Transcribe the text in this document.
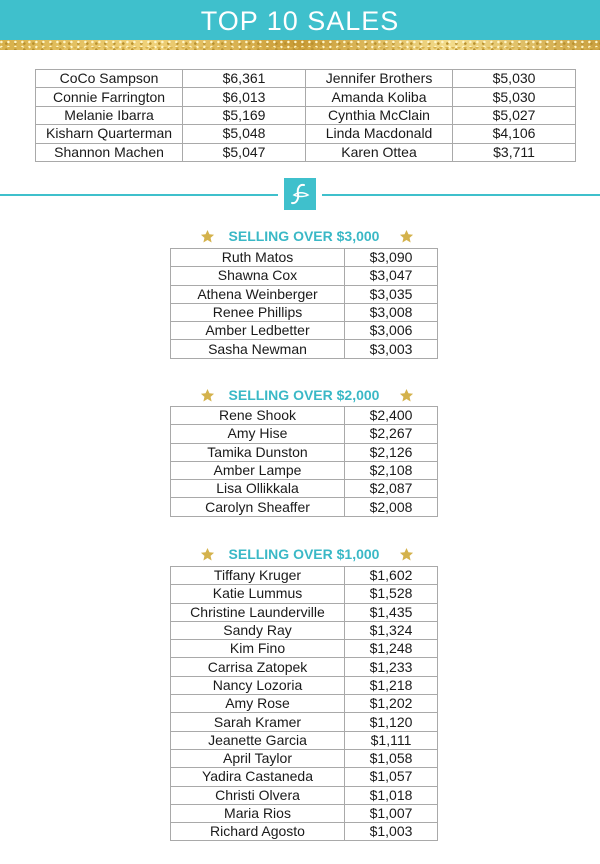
TOP 10 SALES
CoCo Sampson	$6,361	Jennifer Brothers	$5,030
Connie Farrington	$6,013	Amanda Koliba	$5,030
Melanie Ibarra	$5,169	Cynthia McClain	$5,027
Kisharn Quarterman	$5,048	Linda Macdonald	$4,106
Shannon Machen	$5,047	Karen Ottea	$3,711
SELLING OVER $3,000
Ruth Matos	$3,090
Shawna Cox	$3,047
Athena Weinberger	$3,035
Renee Phillips	$3,008
Amber Ledbetter	$3,006
Sasha Newman	$3,003
SELLING OVER $2,000
Rene Shook	$2,400
Amy Hise	$2,267
Tamika Dunston	$2,126
Amber Lampe	$2,108
Lisa Ollikkala	$2,087
Carolyn Sheaffer	$2,008
SELLING OVER $1,000
Tiffany Kruger	$1,602
Katie Lummus	$1,528
Christine Launderville	$1,435
Sandy Ray	$1,324
Kim Fino	$1,248
Carrisa Zatopek	$1,233
Nancy Lozoria	$1,218
Amy Rose	$1,202
Sarah Kramer	$1,120
Jeanette Garcia	$1,111
April Taylor	$1,058
Yadira Castaneda	$1,057
Christi Olvera	$1,018
Maria Rios	$1,007
Richard Agosto	$1,003
